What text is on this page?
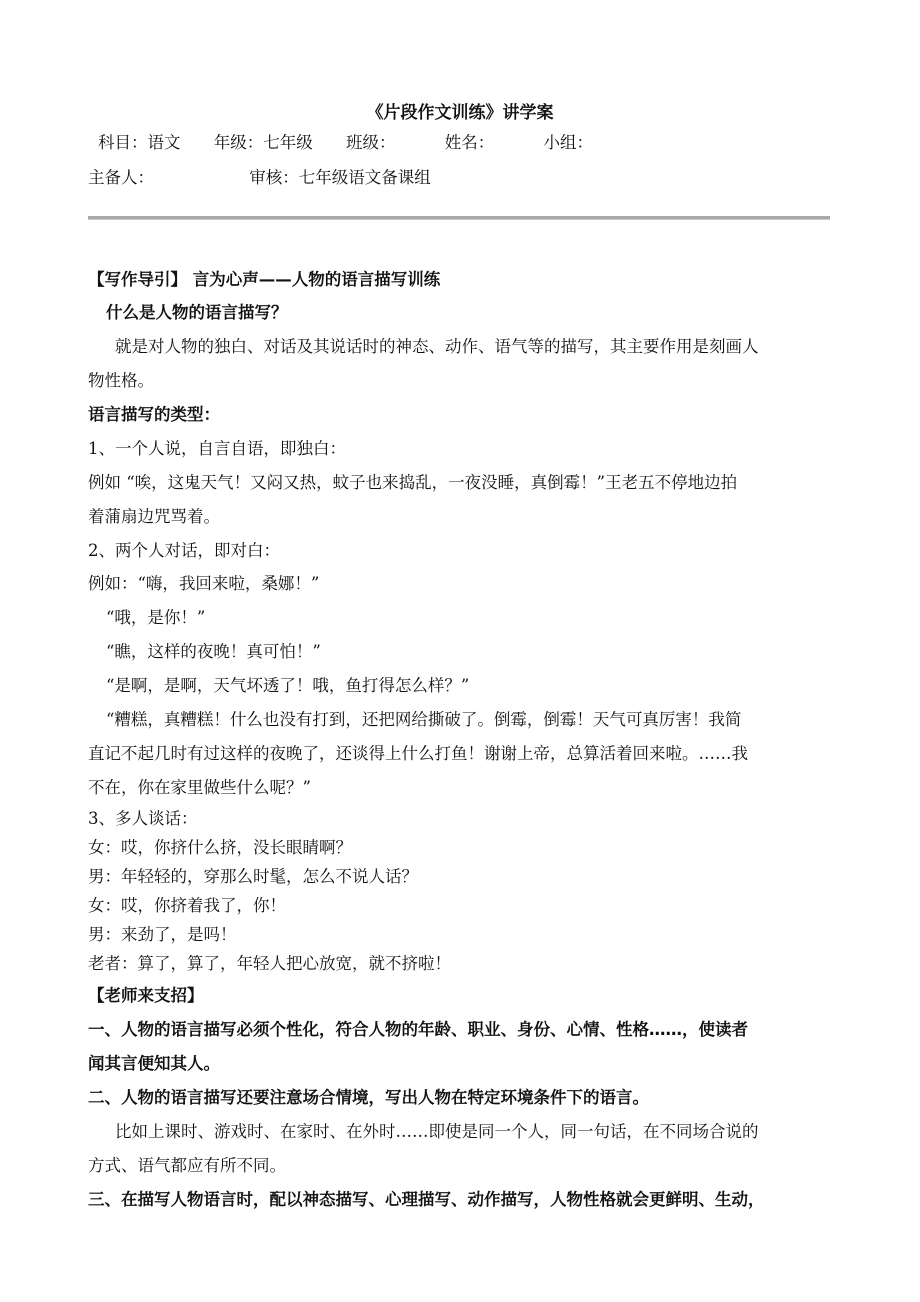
《片段作文训练》讲学案
科目：语文 年级：七年级 班级：	姓名：	小组：
主备人：	审核：七年级语文备课组
【写作导引】 言为心声——人物的语言描写训练
什么是人物的语言描写？
就是对人物的独白、对话及其说话时的神态、动作、语气等的描写，其主要作用是刻画人
物性格。
语言描写的类型：
1、一个人说，自言自语，即独白：
例如 “唉，这鬼天气！又闷又热，蚊子也来捣乱，一夜没睡，真倒霉！”王老五不停地边拍
着蒲扇边咒骂着。
2、两个人对话，即对白：
例如：“嗨，我回来啦，桑娜！”
“哦，是你！”
“瞧，这样的夜晚！真可怕！”
“是啊，是啊，天气坏透了！哦，鱼打得怎么样？”
“糟糕，真糟糕！什么也没有打到，还把网给撕破了。倒霉，倒霉！天气可真厉害！我简
直记不起几时有过这样的夜晚了，还谈得上什么打鱼！谢谢上帝，总算活着回来啦。……我
不在，你在家里做些什么呢？”
3、多人谈话：
女：哎，你挤什么挤，没长眼睛啊？
男：年轻轻的，穿那么时髦，怎么不说人话？
女：哎，你挤着我了，你！
男：来劲了，是吗！
老者：算了，算了，年轻人把心放宽，就不挤啦！
【老师来支招】
一、人物的语言描写必须个性化，符合人物的年龄、职业、身份、心情、性格……，使读者
闻其言便知其人。
二、人物的语言描写还要注意场合情境，写出人物在特定环境条件下的语言。
比如上课时、游戏时、在家时、在外时……即使是同一个人，同一句话，在不同场合说的
方式、语气都应有所不同。
三、在描写人物语言时，配以神态描写、心理描写、动作描写，人物性格就会更鲜明、生动，
